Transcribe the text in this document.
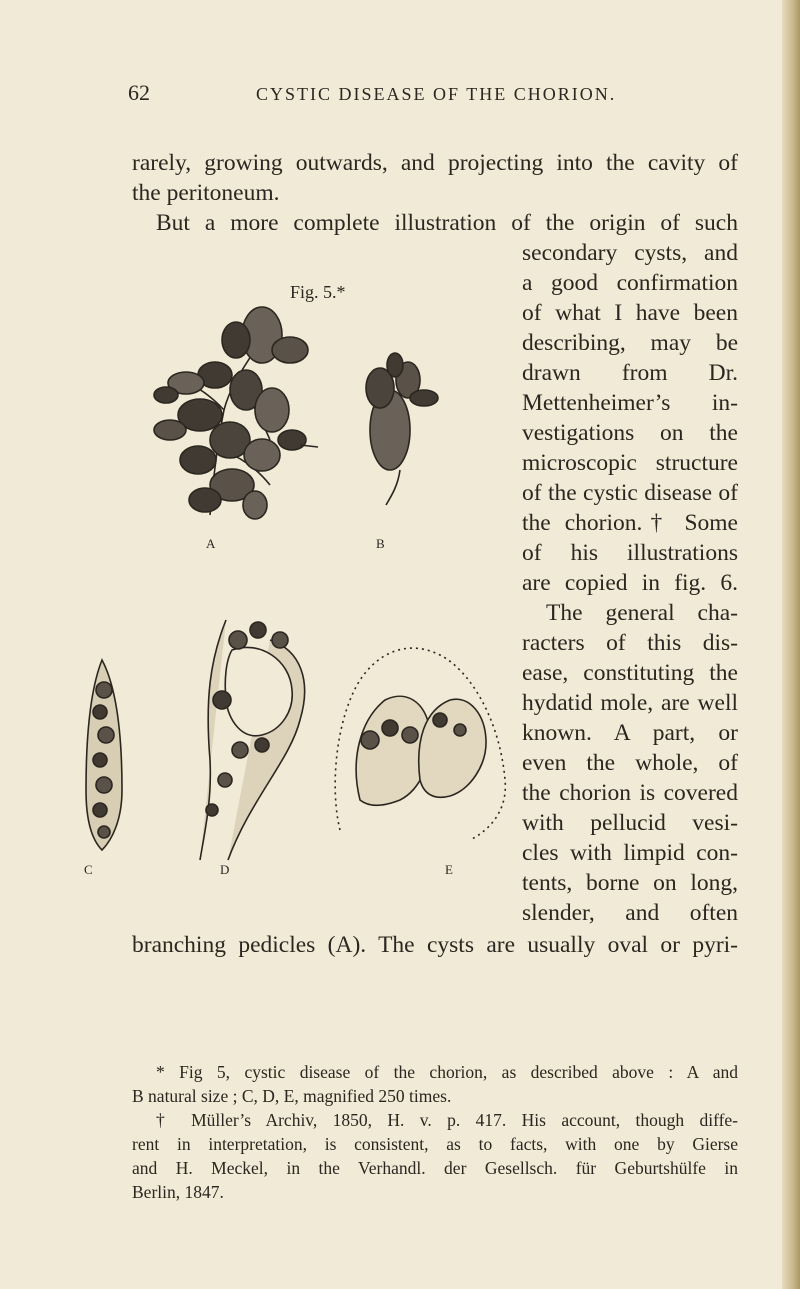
62	CYSTIC DISEASE OF THE CHORION.
rarely, growing outwards, and projecting into the cavity of
the peritoneum.
But a more complete illustration of the origin of such
secondary cysts, and
a good confirmation
of what I have been
describing, may be
drawn from Dr.
Mettenheimer’s in-
vestigations on the
microscopic structure
of the cystic disease of
the chorion.† Some
of his illustrations
are copied in fig. 6.
The general cha-
racters of this dis-
ease, constituting the
hydatid mole, are well
known. A part, or
even the whole, of
the chorion is covered
with pellucid vesi-
cles with limpid con-
tents, borne on long,
slender, and often
branching pedicles (A). The cysts are usually oval or pyri-
Fig. 5.*
A	B
C	D	E
* Fig 5, cystic disease of the chorion, as described above : A and
B natural size ; C, D, E, magnified 250 times.
† Müller’s Archiv, 1850, H. v. p. 417. His account, though diffe-
rent in interpretation, is consistent, as to facts, with one by Gierse
and H. Meckel, in the Verhandl. der Gesellsch. für Geburtshülfe in
Berlin, 1847.
